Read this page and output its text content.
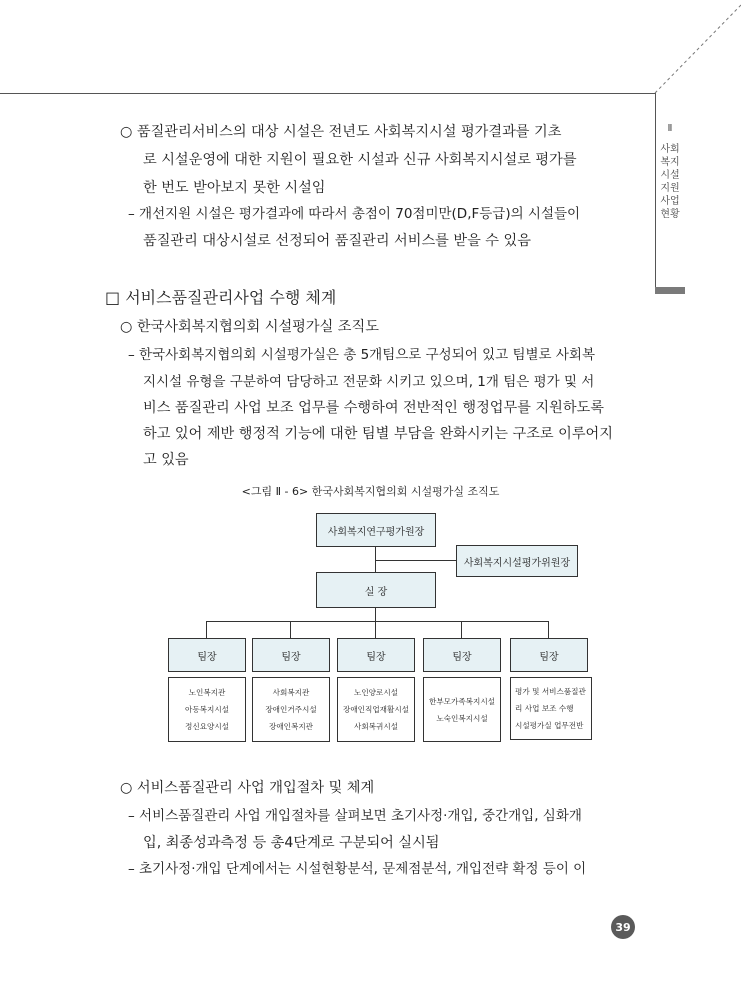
Ⅱ
사회복지시설 지원사업 현황
○ 품질관리서비스의 대상 시설은 전년도 사회복지시설 평가결과를 기초
로 시설운영에 대한 지원이 필요한 시설과 신규 사회복지시설로 평가를
한 번도 받아보지 못한 시설임
– 개선지원 시설은 평가결과에 따라서 총점이 70점미만(D,F등급)의 시설들이
품질관리 대상시설로 선정되어 품질관리 서비스를 받을 수 있음
□ 서비스품질관리사업 수행 체계
○ 한국사회복지협의회 시설평가실 조직도
– 한국사회복지협의회 시설평가실은 총 5개팀으로 구성되어 있고 팀별로 사회복
지시설 유형을 구분하여 담당하고 전문화 시키고 있으며, 1개 팀은 평가 및 서
비스 품질관리 사업 보조 업무를 수행하여 전반적인 행정업무를 지원하도록
하고 있어 제반 행정적 기능에 대한 팀별 부담을 완화시키는 구조로 이루어지
고 있음
<그림 Ⅱ - 6> 한국사회복지협의회 시설평가실 조직도
사회복지연구평가원장
사회복지시설평가위원장
실 장
팀장	팀장	팀장	팀장	팀장
노인복지관
아동복지시설
정신요양시설
사회복지관
장애인거주시설
장애인복지관
노인양로시설
장애인직업재활시설
사회복귀시설
한부모가족복지시설
노숙인복지시설
평가 및 서비스품질관
리 사업 보조 수행
시설평가실 업무전반
○ 서비스품질관리 사업 개입절차 및 체계
– 서비스품질관리 사업 개입절차를 살펴보면 초기사정·개입, 중간개입, 심화개
입, 최종성과측정 등 총4단계로 구분되어 실시됨
– 초기사정·개입 단계에서는 시설현황분석, 문제점분석, 개입전략 확정 등이 이
39
